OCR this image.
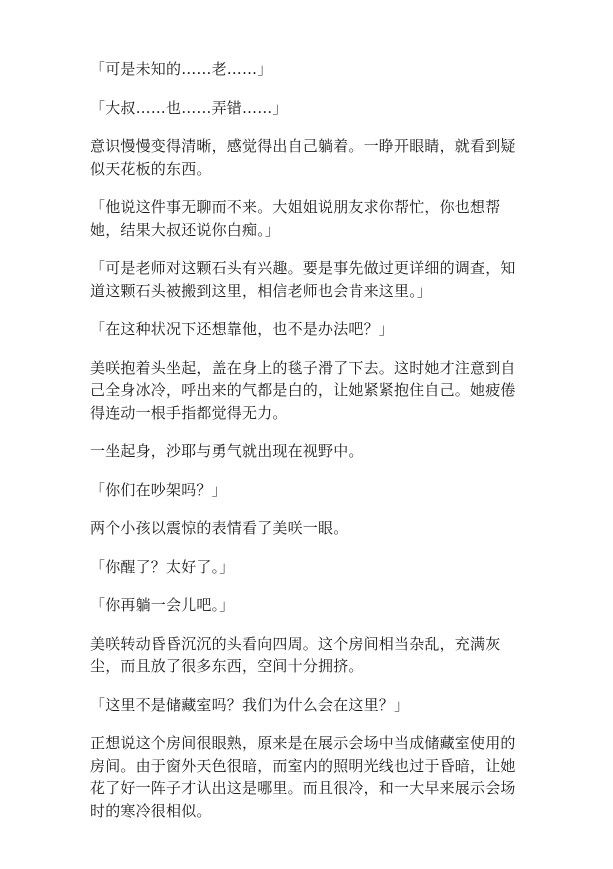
「可是未知的……老……」

「大叔……也……弄错……」

意识慢慢变得清晰，感觉得出自己躺着。一睁开眼睛，就看到疑似天花板的东西。

「他说这件事无聊而不来。大姐姐说朋友求你帮忙，你也想帮她，结果大叔还说你白痴。」

「可是老师对这颗石头有兴趣。要是事先做过更详细的调查，知道这颗石头被搬到这里，相信老师也会肯来这里。」

「在这种状况下还想靠他，也不是办法吧？」

美咲抱着头坐起，盖在身上的毯子滑了下去。这时她才注意到自己全身冰冷，呼出来的气都是白的，让她紧紧抱住自己。她疲倦得连动一根手指都觉得无力。

一坐起身，沙耶与勇气就出现在视野中。

「你们在吵架吗？」

两个小孩以震惊的表情看了美咲一眼。

「你醒了？太好了。」

「你再躺一会儿吧。」

美咲转动昏昏沉沉的头看向四周。这个房间相当杂乱，充满灰尘，而且放了很多东西，空间十分拥挤。

「这里不是储藏室吗？我们为什么会在这里？」

正想说这个房间很眼熟，原来是在展示会场中当成储藏室使用的房间。由于窗外天色很暗，而室内的照明光线也过于昏暗，让她花了好一阵子才认出这是哪里。而且很冷，和一大早来展示会场时的寒冷很相似。
